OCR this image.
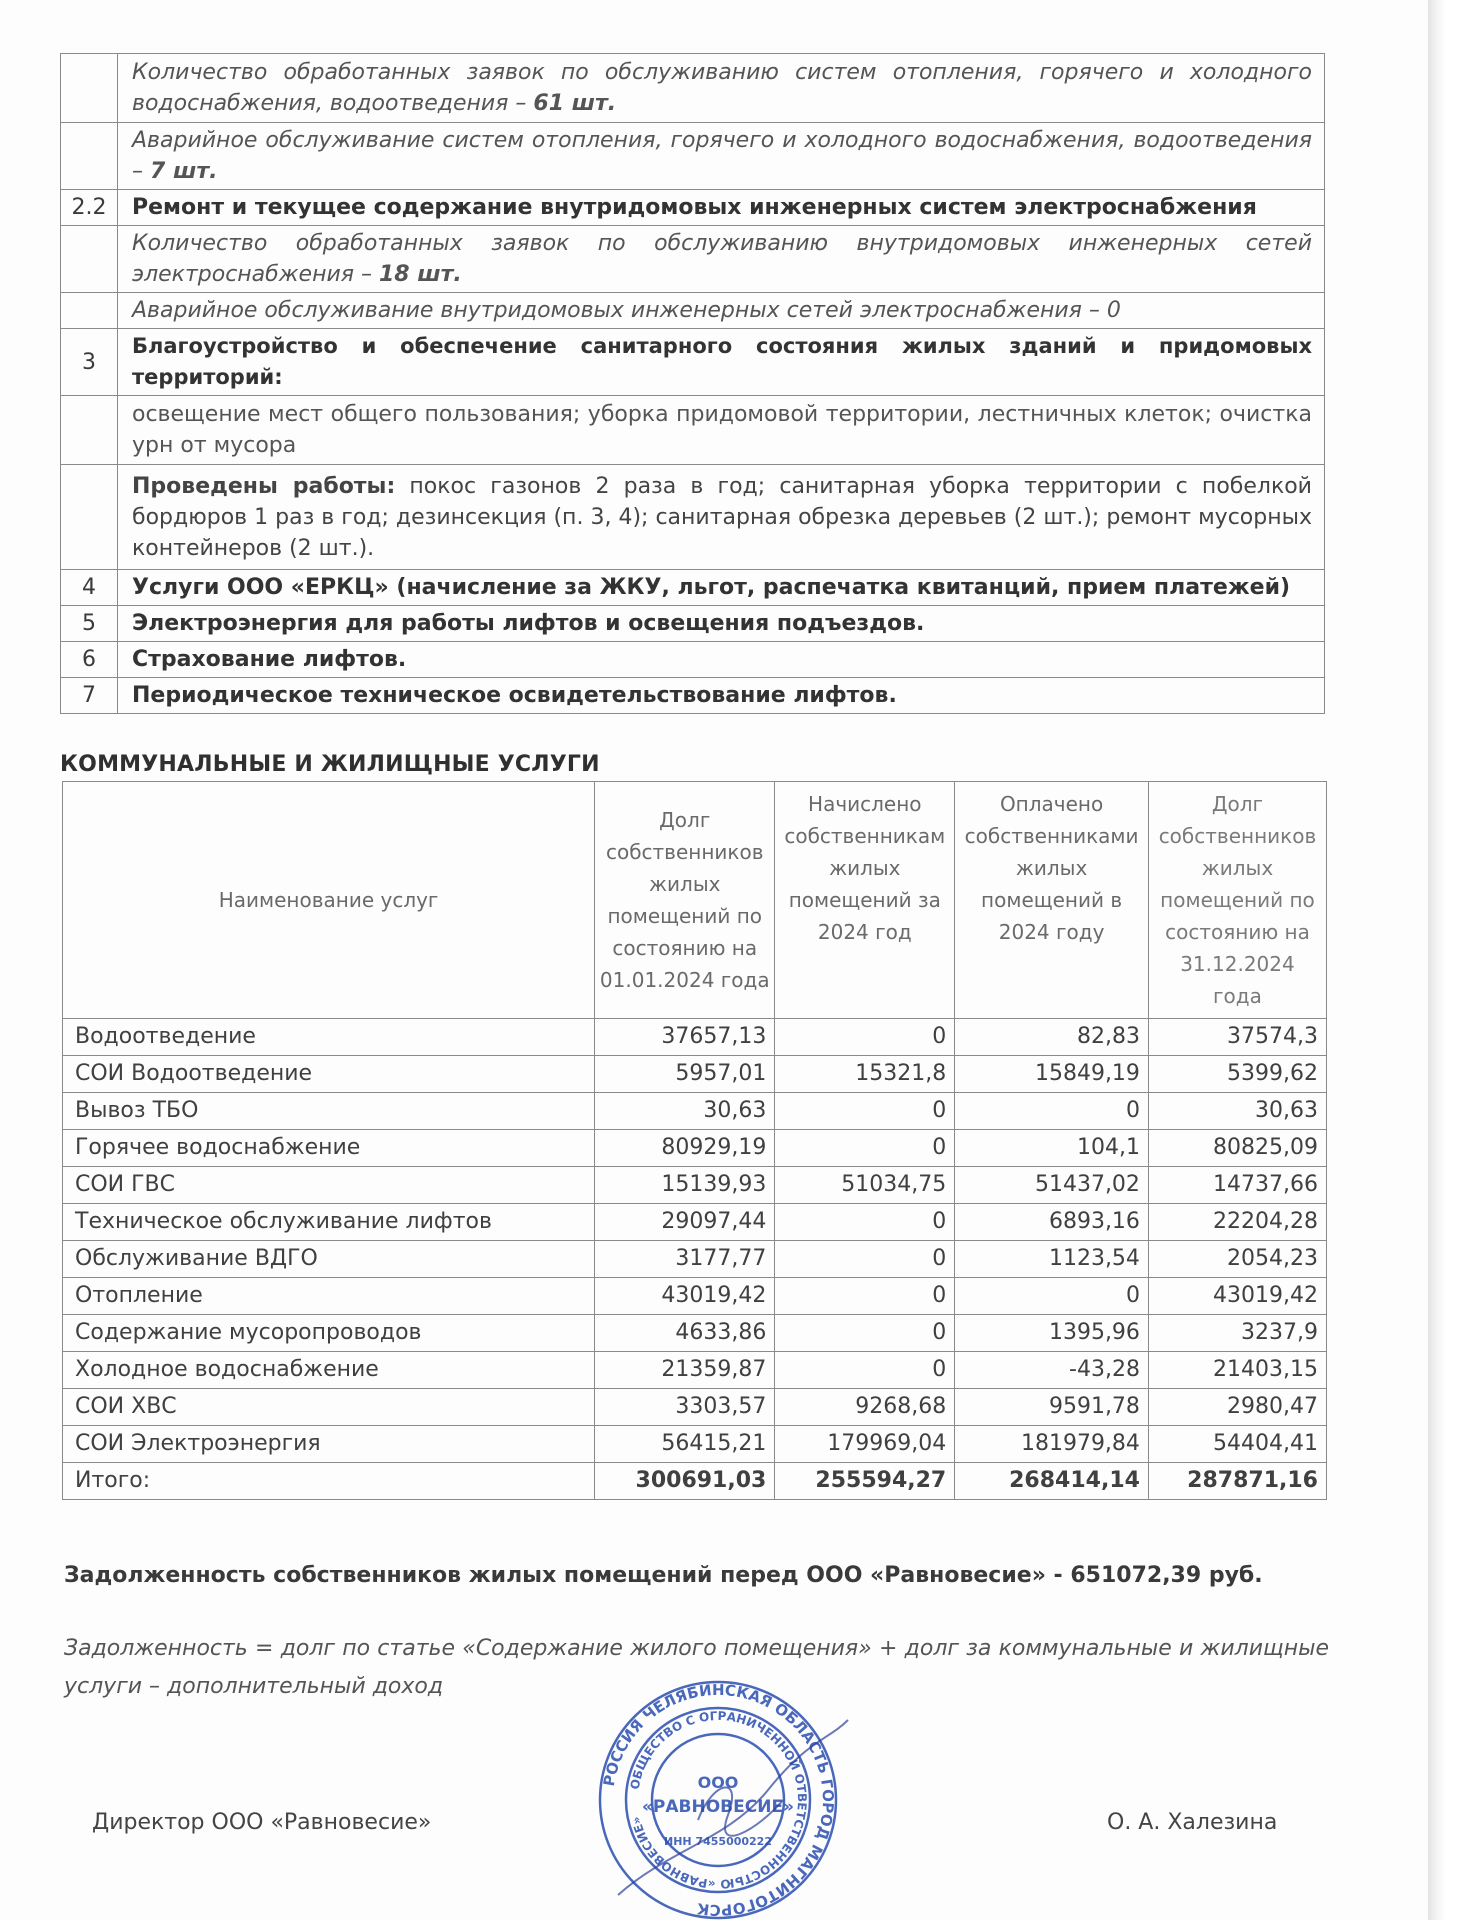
	Количество обработанных заявок по обслуживанию систем отопления, горячего и холодного водоснабжения, водоотведения – 61 шт.
	Аварийное обслуживание систем отопления, горячего и холодного водоснабжения, водоотведения – 7 шт.
2.2	Ремонт и текущее содержание внутридомовых инженерных систем электроснабжения
	Количество обработанных заявок по обслуживанию внутридомовых инженерных сетей электроснабжения – 18 шт.
	Аварийное обслуживание внутридомовых инженерных сетей электроснабжения – 0
3	Благоустройство и обеспечение санитарного состояния жилых зданий и придомовых территорий:
	освещение мест общего пользования; уборка придомовой территории, лестничных клеток; очистка урн от мусора
	Проведены работы: покос газонов 2 раза в год; санитарная уборка территории с побелкой бордюров 1 раз в год; дезинсекция (п. 3, 4); санитарная обрезка деревьев (2 шт.); ремонт мусорных контейнеров (2 шт.).
4	Услуги ООО «ЕРКЦ» (начисление за ЖКУ, льгот, распечатка квитанций, прием платежей)
5	Электроэнергия для работы лифтов и освещения подъездов.
6	Страхование лифтов.
7	Периодическое техническое освидетельствование лифтов.
КОММУНАЛЬНЫЕ И ЖИЛИЩНЫЕ УСЛУГИ
Наименование услуг	Долг собственников жилых помещений по состоянию на 01.01.2024 года	Начислено собственникам жилых помещений за 2024 год	Оплачено собственниками жилых помещений в 2024 году	Долг собственников жилых помещений по состоянию на 31.12.2024 года
Водоотведение	37657,13	0	82,83	37574,3
СОИ Водоотведение	5957,01	15321,8	15849,19	5399,62
Вывоз ТБО	30,63	0	0	30,63
Горячее водоснабжение	80929,19	0	104,1	80825,09
СОИ ГВС	15139,93	51034,75	51437,02	14737,66
Техническое обслуживание лифтов	29097,44	0	6893,16	22204,28
Обслуживание ВДГО	3177,77	0	1123,54	2054,23
Отопление	43019,42	0	0	43019,42
Содержание мусоропроводов	4633,86	0	1395,96	3237,9
Холодное водоснабжение	21359,87	0	-43,28	21403,15
СОИ ХВС	3303,57	9268,68	9591,78	2980,47
СОИ Электроэнергия	56415,21	179969,04	181979,84	54404,41
Итого:	300691,03	255594,27	268414,14	287871,16
Задолженность собственников жилых помещений перед ООО «Равновесие» - 651072,39 руб.
Задолженность = долг по статье «Содержание жилого помещения» + долг за коммунальные и жилищные услуги – дополнительный доход
Директор ООО «Равновесие»	О. А. Халезина
РОССИЯ ЧЕЛЯБИНСКАЯ ОБЛАСТЬ ГОРОД МАГНИТОГОРСК
ОБЩЕСТВО С ОГРАНИЧЕННОЙ ОТВЕТСТВЕННОСТЬЮ «РАВНОВЕСИЕ»
ООО
«РАВНОВЕСИЕ»
ИНН 7455000222
